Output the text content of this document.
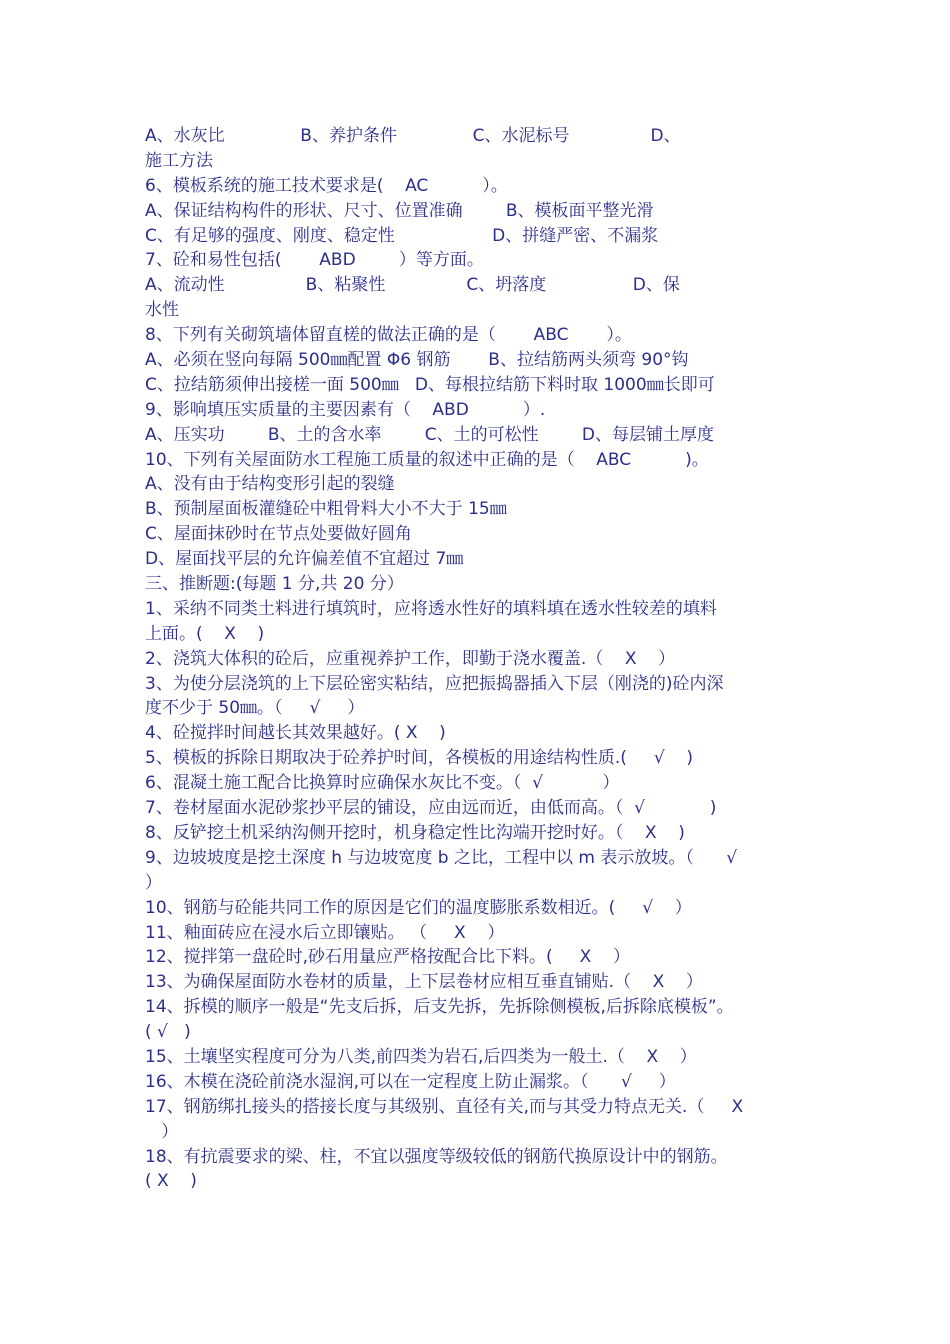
A、水灰比              B、养护条件              C、水泥标号               D、
施工方法
6、模板系统的施工技术要求是(    AC          ）。
A、保证结构构件的形状、尺寸、位置准确        B、模板面平整光滑
C、有足够的强度、刚度、稳定性                  D、拼缝严密、不漏浆
7、砼和易性包括(       ABD        ）等方面。
A、流动性               B、粘聚性               C、坍落度                D、保
水性
8、下列有关砌筑墙体留直槎的做法正确的是（       ABC       ）。
A、必须在竖向每隔 500㎜配置 Φ6 钢筋       B、拉结筋两头须弯 90°钩
C、拉结筋须伸出接槎一面 500㎜   D、每根拉结筋下料时取 1000㎜长即可
9、影响填压实质量的主要因素有（    ABD          ）.
A、压实功        B、土的含水率        C、土的可松性        D、每层铺土厚度
10、下列有关屋面防水工程施工质量的叙述中正确的是（    ABC          )。
A、没有由于结构变形引起的裂缝
B、预制屋面板灌缝砼中粗骨料大小不大于 15㎜
C、屋面抹砂时在节点处要做好圆角
D、屋面找平层的允许偏差值不宜超过 7㎜
三、推断题:(每题 1 分,共 20 分）
1、采纳不同类土料进行填筑时，应将透水性好的填料填在透水性较差的填料
上面。(    X    )
2、浇筑大体积的砼后，应重视养护工作，即勤于浇水覆盖.（    X    ）
3、为使分层浇筑的上下层砼密实粘结，应把振捣器插入下层（刚浇的)砼内深
度不少于 50㎜。（     √     ）
4、砼搅拌时间越长其效果越好。( X    )
5、模板的拆除日期取决于砼养护时间，各模板的用途结构性质.(     √    )
6、混凝土施工配合比换算时应确保水灰比不变。（  √           ）
7、卷材屋面水泥砂浆抄平层的铺设，应由远而近，由低而高。（  √            )
8、反铲挖土机采纳沟侧开挖时，机身稳定性比沟端开挖时好。（    X    )
9、边坡坡度是挖土深度 h 与边坡宽度 b 之比，工程中以 m 表示放坡。（      √
）
10、钢筋与砼能共同工作的原因是它们的温度膨胀系数相近。(     √    ）
11、釉面砖应在浸水后立即镶贴。 （     X    ）
12、搅拌第一盘砼时,砂石用量应严格按配合比下料。(     X    ）
13、为确保屋面防水卷材的质量，上下层卷材应相互垂直铺贴.（    X    ）
14、拆模的顺序一般是“先支后拆，后支先拆，先拆除侧模板,后拆除底模板”。
( √   )
15、土壤坚实程度可分为八类,前四类为岩石,后四类为一般土.（    X    ）
16、木模在浇砼前浇水湿润,可以在一定程度上防止漏浆。（      √     ）
17、钢筋绑扎接头的搭接长度与其级别、直径有关,而与其受力特点无关.（     X
）
18、有抗震要求的梁、柱，不宜以强度等级较低的钢筋代换原设计中的钢筋。
( X    )
